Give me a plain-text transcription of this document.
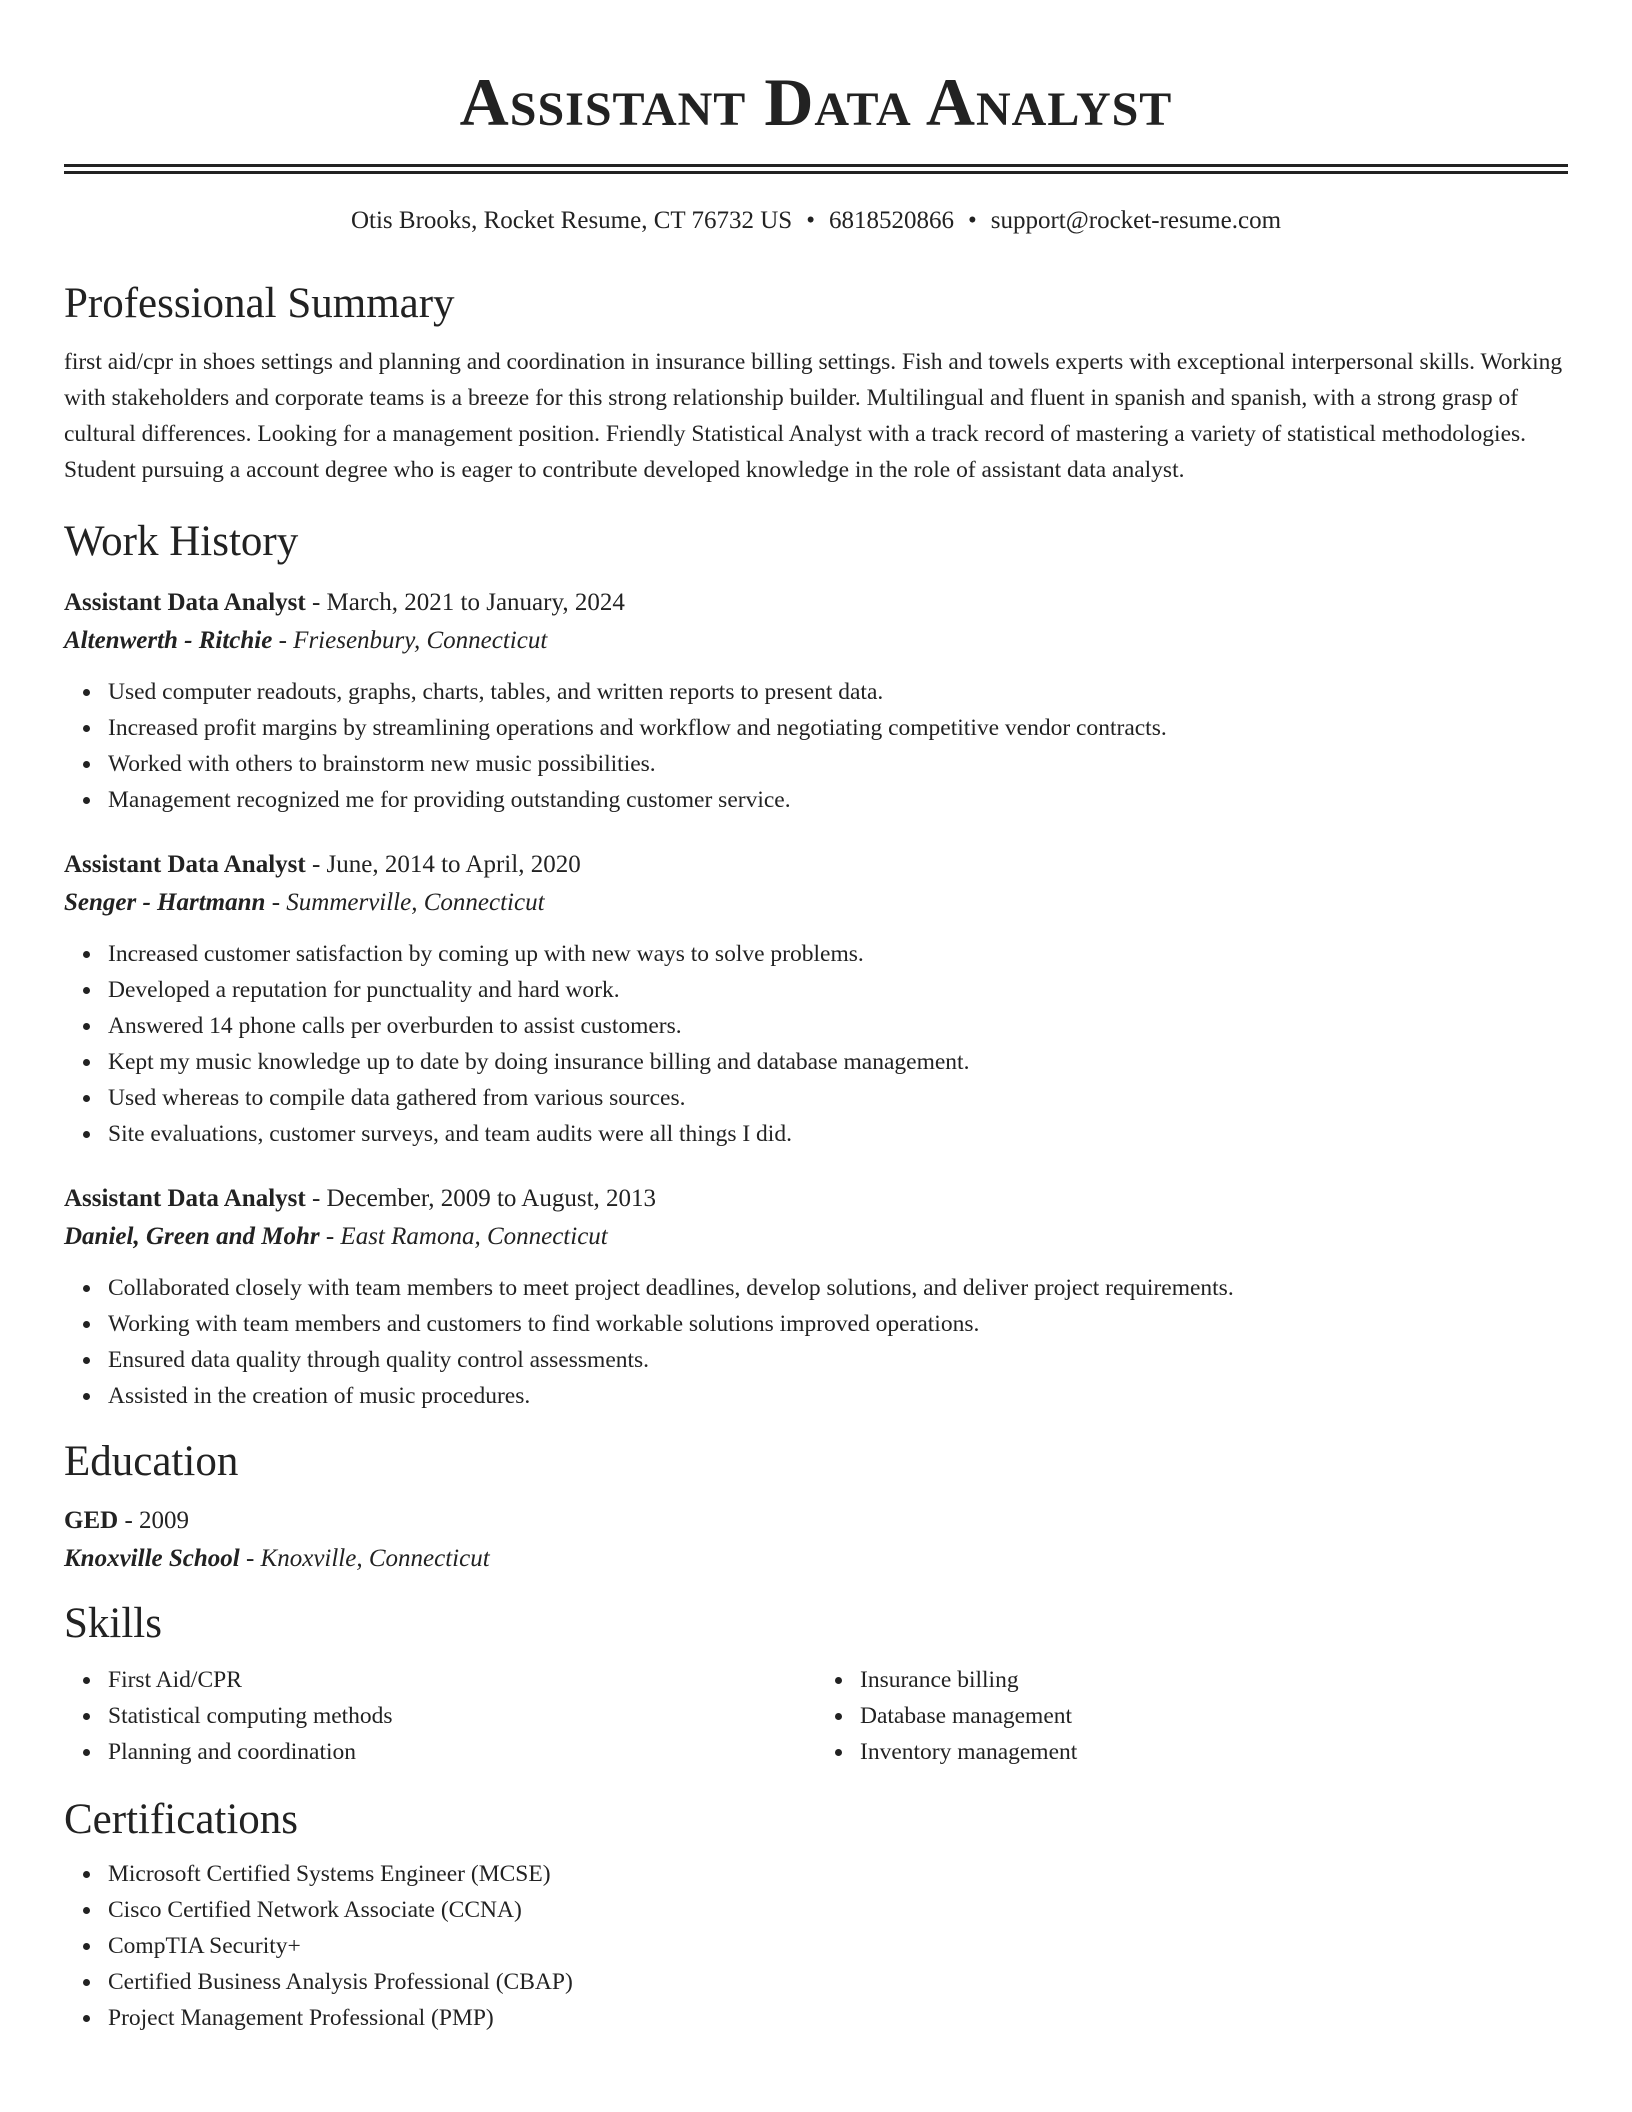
Assistant Data Analyst
Otis Brooks, Rocket Resume, CT 76732 US • 6818520866 • support@rocket-resume.com
Professional Summary
first aid/cpr in shoes settings and planning and coordination in insurance billing settings. Fish and towels experts with exceptional interpersonal skills. Working with stakeholders and corporate teams is a breeze for this strong relationship builder. Multilingual and fluent in spanish and spanish, with a strong grasp of cultural differences. Looking for a management position. Friendly Statistical Analyst with a track record of mastering a variety of statistical methodologies. Student pursuing a account degree who is eager to contribute developed knowledge in the role of assistant data analyst.
Work History
Assistant Data Analyst - March, 2021 to January, 2024
Altenwerth - Ritchie - Friesenbury, Connecticut
Used computer readouts, graphs, charts, tables, and written reports to present data.
Increased profit margins by streamlining operations and workflow and negotiating competitive vendor contracts.
Worked with others to brainstorm new music possibilities.
Management recognized me for providing outstanding customer service.
Assistant Data Analyst - June, 2014 to April, 2020
Senger - Hartmann - Summerville, Connecticut
Increased customer satisfaction by coming up with new ways to solve problems.
Developed a reputation for punctuality and hard work.
Answered 14 phone calls per overburden to assist customers.
Kept my music knowledge up to date by doing insurance billing and database management.
Used whereas to compile data gathered from various sources.
Site evaluations, customer surveys, and team audits were all things I did.
Assistant Data Analyst - December, 2009 to August, 2013
Daniel, Green and Mohr - East Ramona, Connecticut
Collaborated closely with team members to meet project deadlines, develop solutions, and deliver project requirements.
Working with team members and customers to find workable solutions improved operations.
Ensured data quality through quality control assessments.
Assisted in the creation of music procedures.
Education
GED - 2009
Knoxville School - Knoxville, Connecticut
Skills
First Aid/CPR
Statistical computing methods
Planning and coordination
Insurance billing
Database management
Inventory management
Certifications
Microsoft Certified Systems Engineer (MCSE)
Cisco Certified Network Associate (CCNA)
CompTIA Security+
Certified Business Analysis Professional (CBAP)
Project Management Professional (PMP)
